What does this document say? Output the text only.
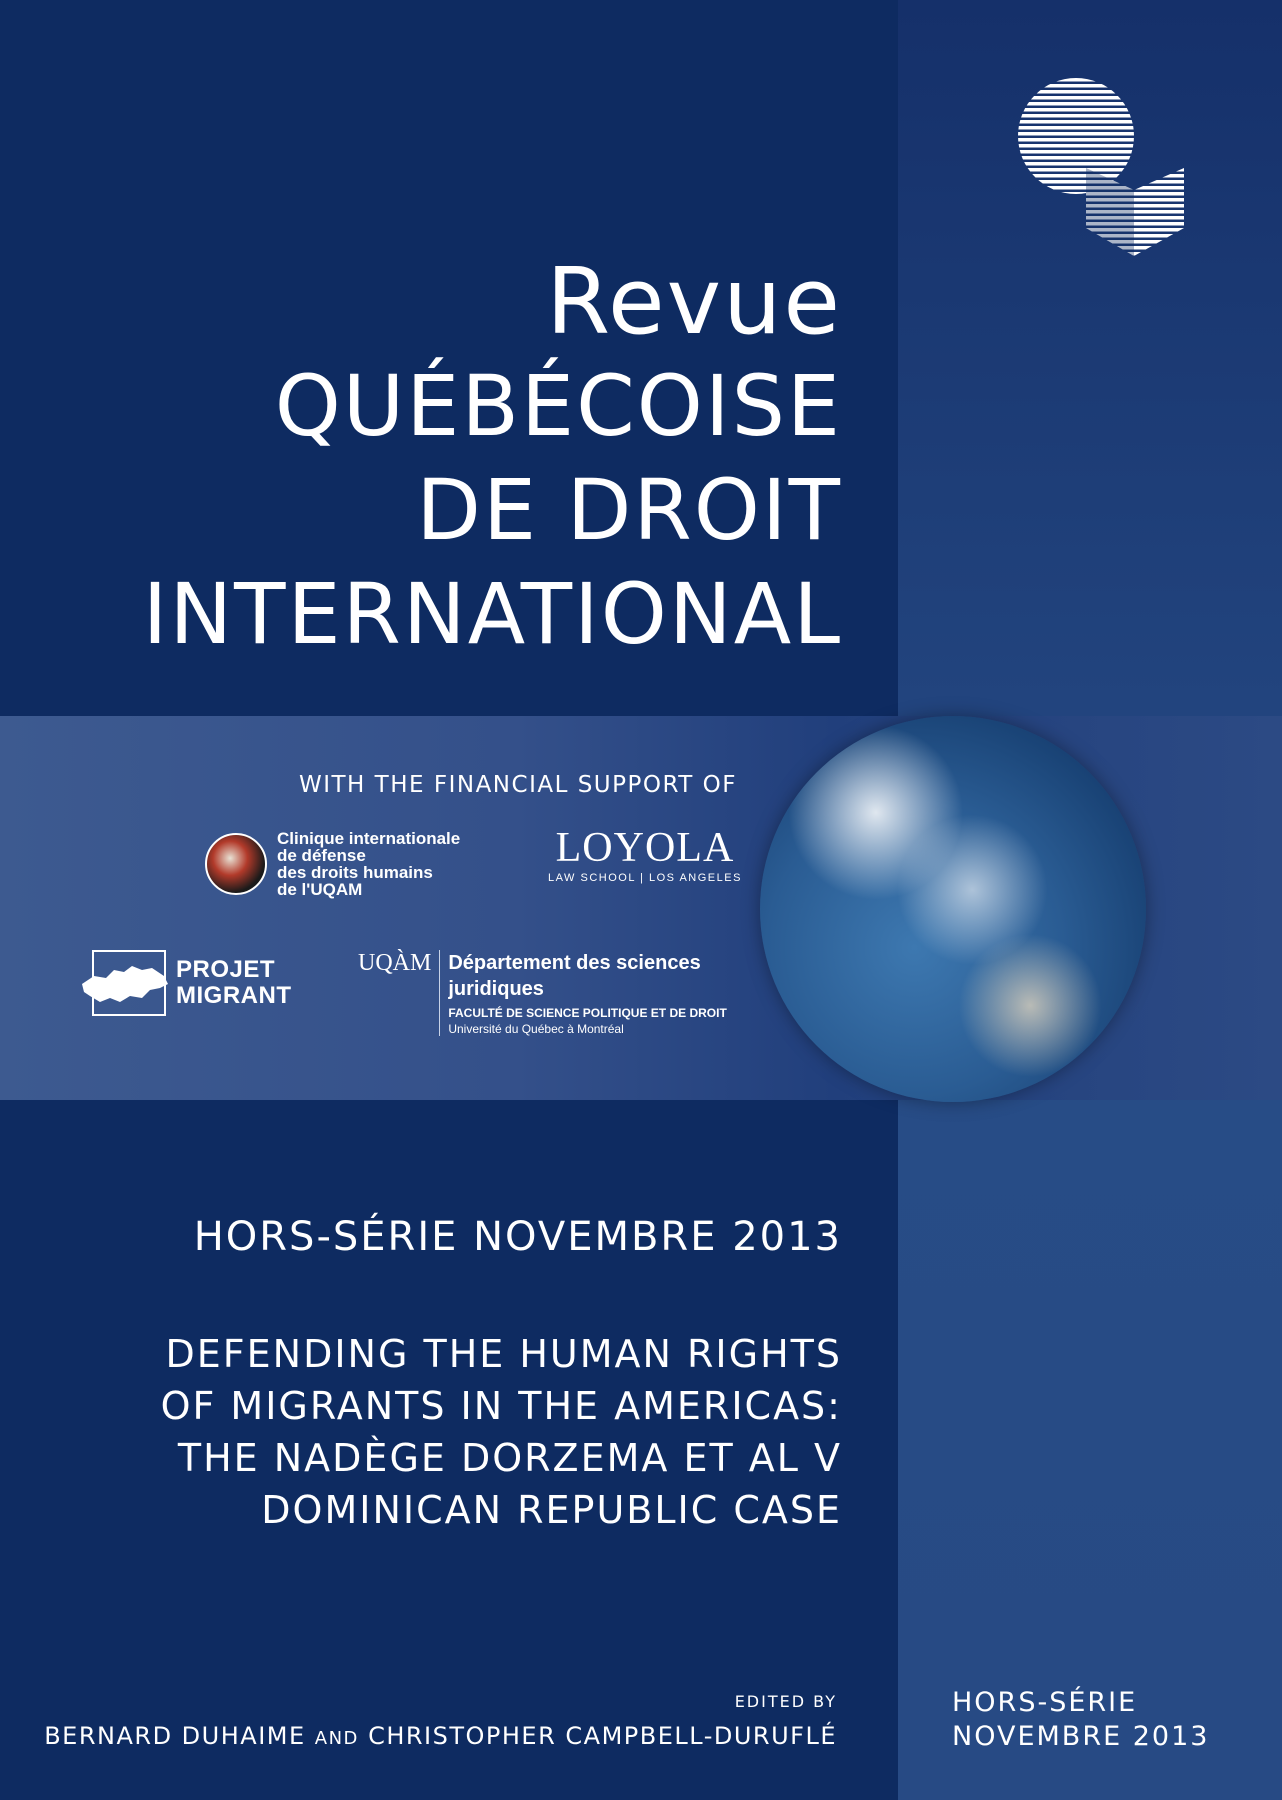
Revue
QUÉBÉCOISE
DE DROIT
INTERNATIONAL
WITH THE FINANCIAL SUPPORT OF
Clinique internationale
de défense
des droits humains
de l'UQAM
LOYOLA
LAW SCHOOL | LOS ANGELES
PROJET
MIGRANT
UQÀM Département des sciences
juridiques
FACULTÉ DE SCIENCE POLITIQUE ET DE DROIT
Université du Québec à Montréal
HORS-SÉRIE NOVEMBRE 2013
DEFENDING THE HUMAN RIGHTS
OF MIGRANTS IN THE AMERICAS:
THE NADÈGE DORZEMA ET AL V
DOMINICAN REPUBLIC CASE
EDITED BY
BERNARD DUHAIME AND CHRISTOPHER CAMPBELL-DURUFLÉ
HORS-SÉRIE
NOVEMBRE 2013
